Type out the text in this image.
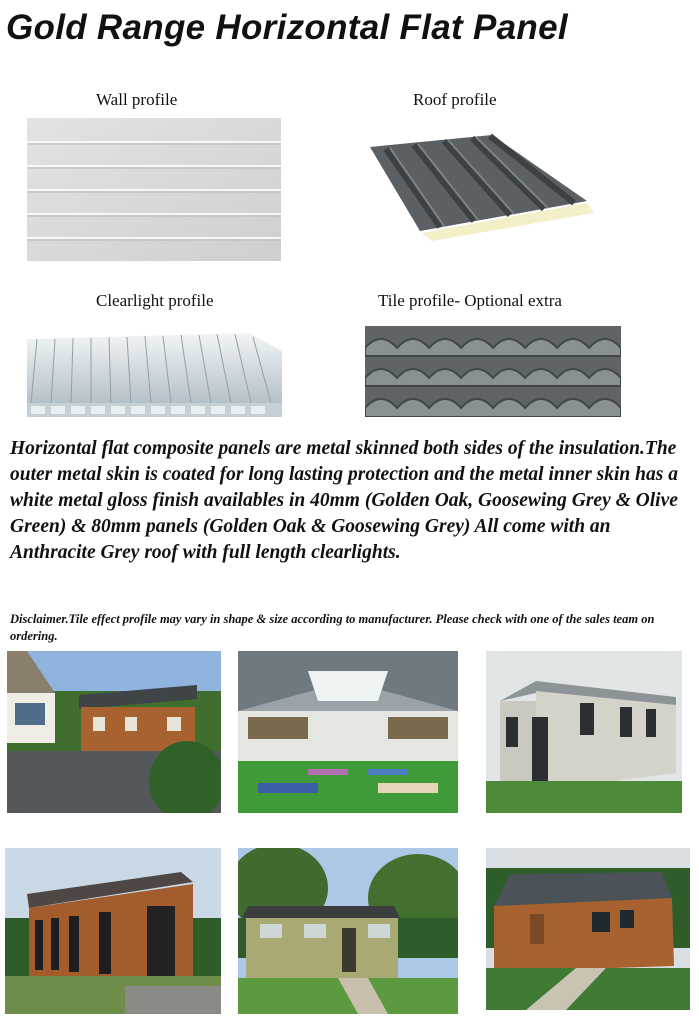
Gold Range Horizontal Flat Panel
Wall profile	Roof profile
Clearlight profile	Tile profile- Optional extra

Horizontal flat composite panels are metal skinned both sides of the insulation.The outer metal skin is coated for long lasting protection and the metal inner skin has a white metal gloss finish availables in 40mm (Golden Oak, Goosewing Grey & Olive Green) & 80mm panels (Golden Oak & Goosewing Grey) All come with an Anthracite Grey roof with full length clearlights.

Disclaimer.Tile effect profile may vary in shape & size according to manufacturer. Please check with one of the sales team on ordering.
